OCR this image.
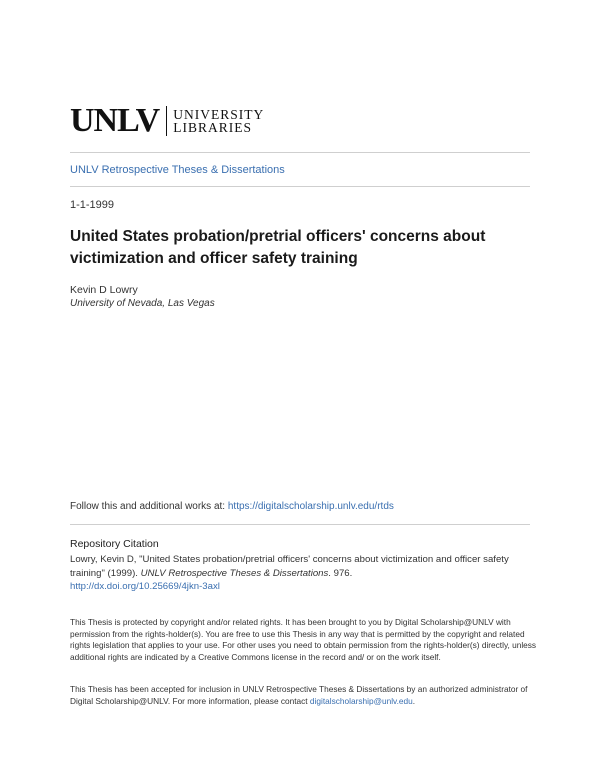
UNLV UNIVERSITY
LIBRARIES
UNLV Retrospective Theses & Dissertations
1-1-1999
United States probation/pretrial officers' concerns about victimization and officer safety training
Kevin D Lowry
University of Nevada, Las Vegas
Follow this and additional works at: https://digitalscholarship.unlv.edu/rtds
Repository Citation
Lowry, Kevin D, "United States probation/pretrial officers' concerns about victimization and officer safety training" (1999). UNLV Retrospective Theses & Dissertations. 976.
http://dx.doi.org/10.25669/4jkn-3axl
This Thesis is protected by copyright and/or related rights. It has been brought to you by Digital Scholarship@UNLV with permission from the rights-holder(s). You are free to use this Thesis in any way that is permitted by the copyright and related rights legislation that applies to your use. For other uses you need to obtain permission from the rights-holder(s) directly, unless additional rights are indicated by a Creative Commons license in the record and/ or on the work itself.
This Thesis has been accepted for inclusion in UNLV Retrospective Theses & Dissertations by an authorized administrator of Digital Scholarship@UNLV. For more information, please contact digitalscholarship@unlv.edu.
